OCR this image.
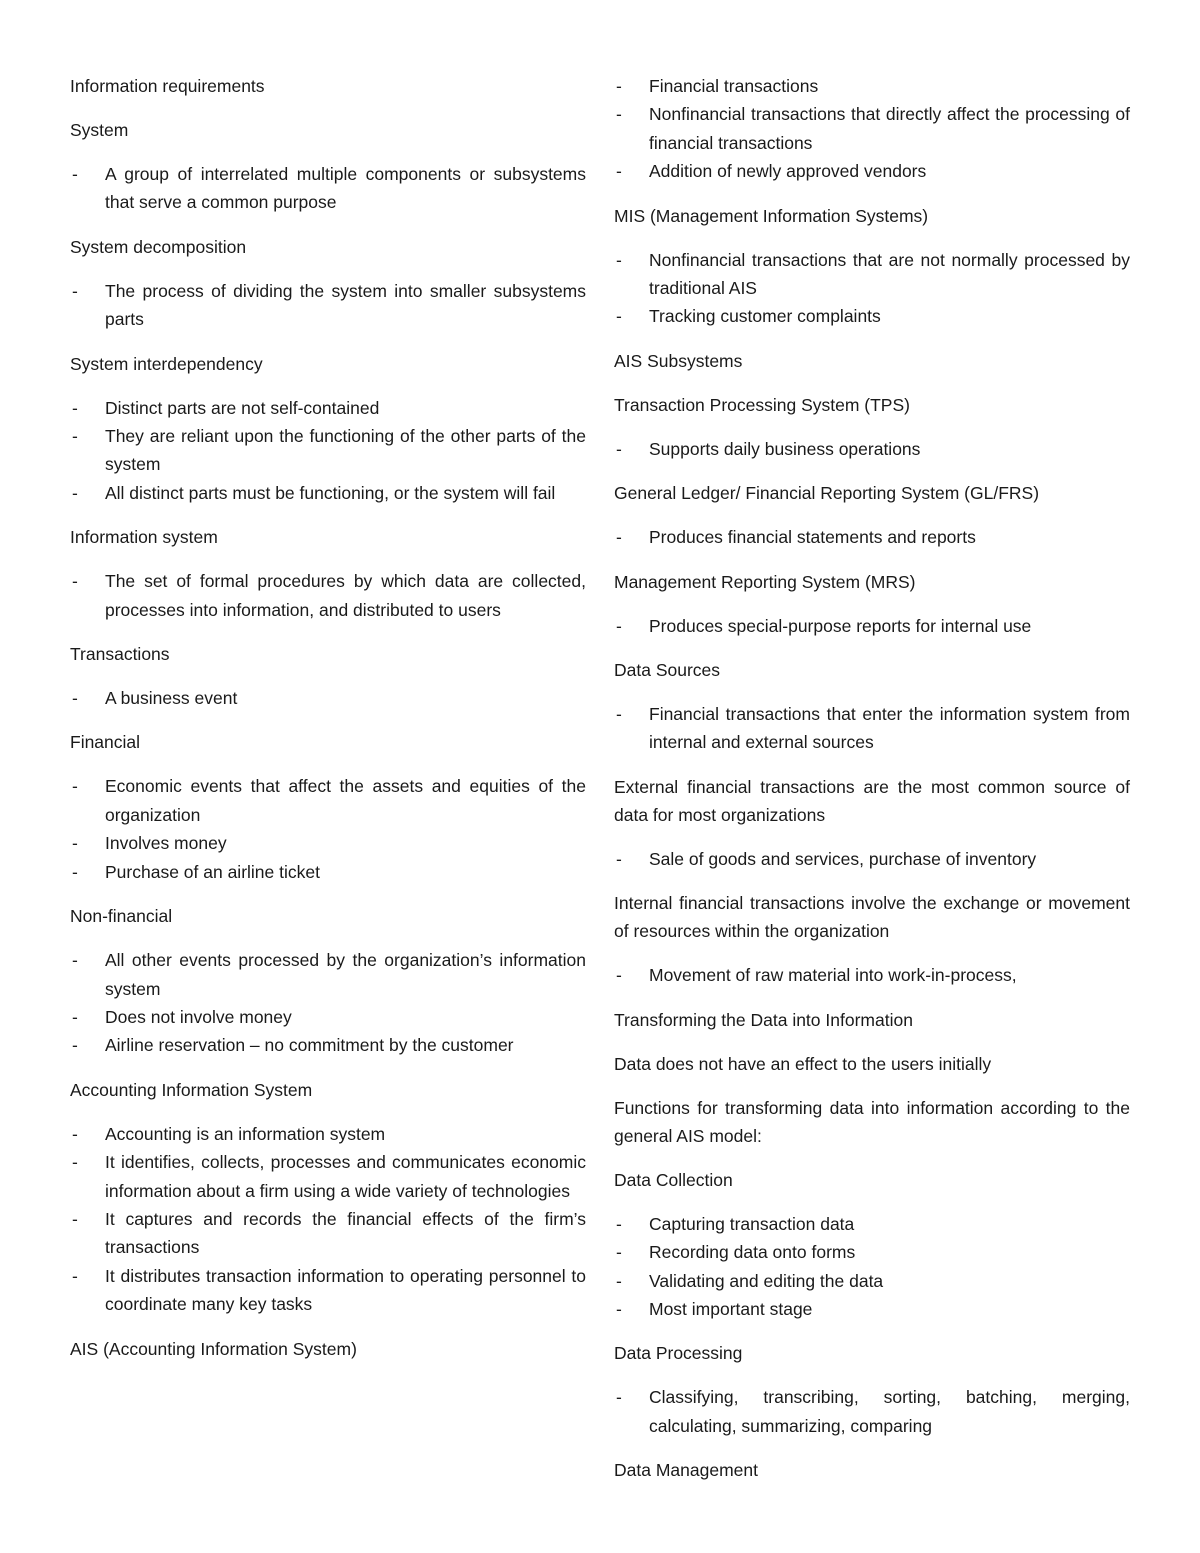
Information requirements
System
- A group of interrelated multiple components or subsystems that serve a common purpose
System decomposition
- The process of dividing the system into smaller subsystems parts
System interdependency
- Distinct parts are not self-contained
- They are reliant upon the functioning of the other parts of the system
- All distinct parts must be functioning, or the system will fail
Information system
- The set of formal procedures by which data are collected, processes into information, and distributed to users
Transactions
- A business event
Financial
- Economic events that affect the assets and equities of the organization
- Involves money
- Purchase of an airline ticket
Non-financial
- All other events processed by the organization’s information system
- Does not involve money
- Airline reservation – no commitment by the customer
Accounting Information System
- Accounting is an information system
- It identifies, collects, processes and communicates economic information about a firm using a wide variety of technologies
- It captures and records the financial effects of the firm’s transactions
- It distributes transaction information to operating personnel to coordinate many key tasks
AIS (Accounting Information System)
- Financial transactions
- Nonfinancial transactions that directly affect the processing of financial transactions
- Addition of newly approved vendors
MIS (Management Information Systems)
- Nonfinancial transactions that are not normally processed by traditional AIS
- Tracking customer complaints
AIS Subsystems
Transaction Processing System (TPS)
- Supports daily business operations
General Ledger/ Financial Reporting System (GL/FRS)
- Produces financial statements and reports
Management Reporting System (MRS)
- Produces special-purpose reports for internal use
Data Sources
- Financial transactions that enter the information system from internal and external sources
External financial transactions are the most common source of data for most organizations
- Sale of goods and services, purchase of inventory
Internal financial transactions involve the exchange or movement of resources within the organization
- Movement of raw material into work-in-process,
Transforming the Data into Information
Data does not have an effect to the users initially
Functions for transforming data into information according to the general AIS model:
Data Collection
- Capturing transaction data
- Recording data onto forms
- Validating and editing the data
- Most important stage
Data Processing
- Classifying, transcribing, sorting, batching, merging, calculating, summarizing, comparing
Data Management
